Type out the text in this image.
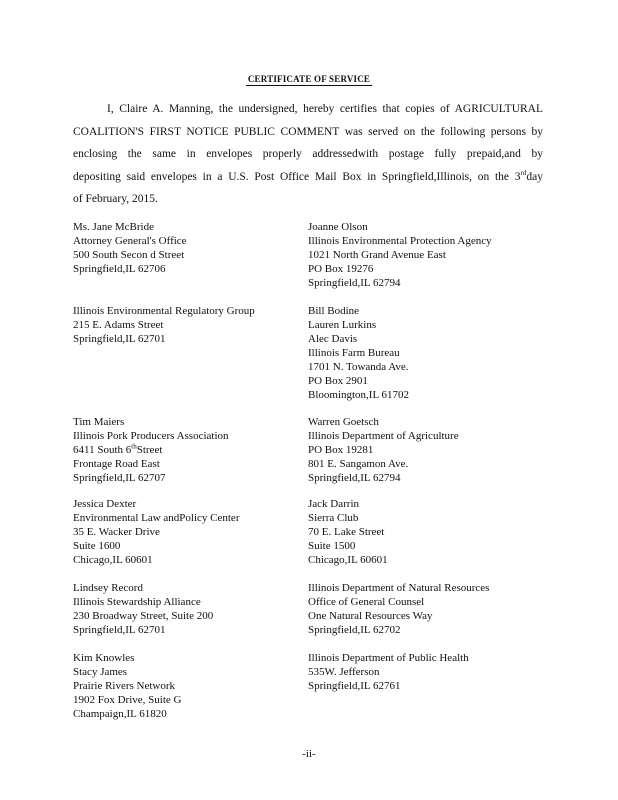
CERTIFICATE OF SERVICE

I, Claire A. Manning, the undersigned, hereby certifies that copies of AGRICULTURAL

COALITION'S FIRST NOTICE PUBLIC COMMENT was served on the following persons by

enclosing the same in envelopes properly addressedwith postage fully prepaid,and by

depositing said envelopes in a U.S. Post Office Mail Box in Springfield,Illinois, on the 3rdday

of February, 2015.

Ms. Jane McBride
Attorney General's Office
500 South Secon d Street
Springfield,IL 62706
Joanne Olson
Illinois Environmental Protection Agency
1021 North Grand Avenue East
PO Box 19276
Springfield,IL 62794
Illinois Environmental Regulatory Group
215 E. Adams Street
Springfield,IL 62701
Bill Bodine
Lauren Lurkins
Alec Davis
Illinois Farm Bureau
1701 N. Towanda Ave.
PO Box 2901
Bloomington,IL 61702
Tim Maiers
Illinois Pork Producers Association
6411 South 6thStreet
Frontage Road East
Springfield,IL 62707
Warren Goetsch
Illinois Department of Agriculture
PO Box 19281
801 E. Sangamon Ave.
Springfield,IL 62794
Jessica Dexter
Environmental Law andPolicy Center
35 E. Wacker Drive
Suite 1600
Chicago,IL 60601
Jack Darrin
Sierra Club
70 E. Lake Street
Suite 1500
Chicago,IL 60601
Lindsey Record
Illinois Stewardship Alliance
230 Broadway Street, Suite 200
Springfield,IL 62701
Illinois Department of Natural Resources
Office of General Counsel
One Natural Resources Way
Springfield,IL 62702
Kim Knowles
Stacy James
Prairie Rivers Network
1902 Fox Drive, Suite G
Champaign,IL 61820
Illinois Department of Public Health
535W. Jefferson
Springfield,IL 62761
-ii-
